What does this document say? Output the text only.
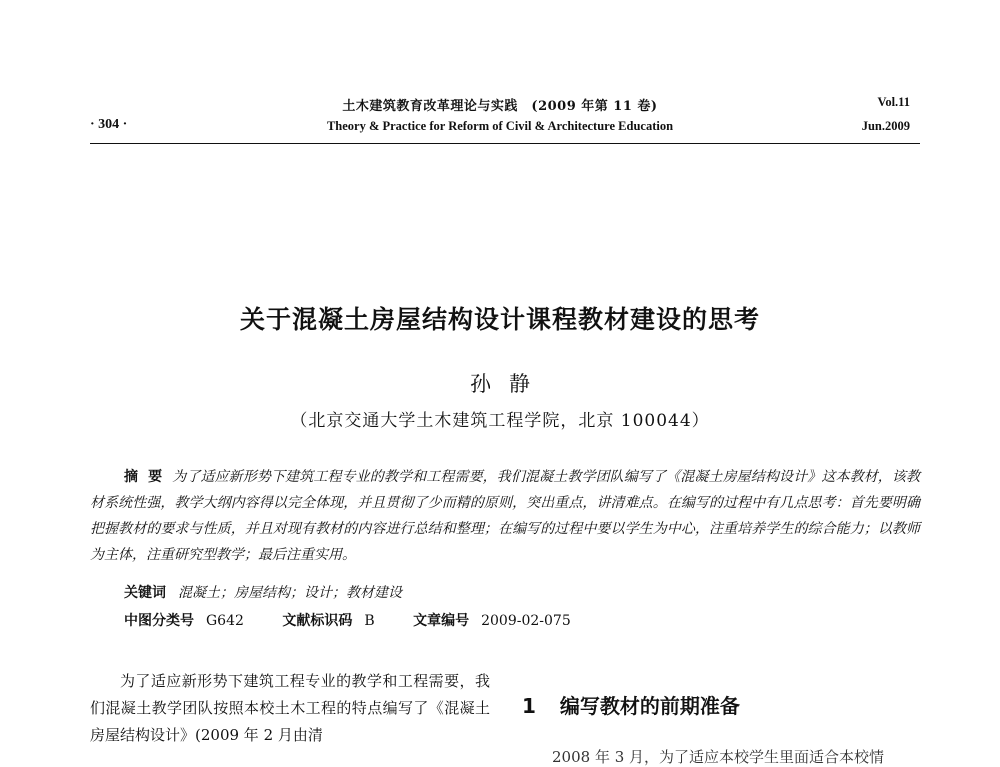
土木建筑教育改革理论与实践　(2009 年第 11 卷)
Theory & Practice for Reform of Civil & Architecture Education
· 304 ·
Vol.11
Jun.2009
关于混凝土房屋结构设计课程教材建设的思考
孙静
（北京交通大学土木建筑工程学院，北京 100044）
摘要为了适应新形势下建筑工程专业的教学和工程需要，我们混凝土教学团队编写了《混凝土房屋结构设计》这本教材，该教材系统性强，教学大纲内容得以完全体现，并且贯彻了少而精的原则，突出重点，讲清难点。在编写的过程中有几点思考：首先要明确把握教材的要求与性质，并且对现有教材的内容进行总结和整理；在编写的过程中要以学生为中心，注重培养学生的综合能力；以教师为主体，注重研究型教学；最后注重实用。
关键词 混凝土；房屋结构；设计；教材建设
中图分类号 G642	文献标识码 B	文章编号 2009-02-075
为了适应新形势下建筑工程专业的教学和工程需要，我们混凝土教学团队按照本校土木工程的特点编写了《混凝土房屋结构设计》(2009 年 2 月由清
1 编写教材的前期准备
2008 年 3 月，为了适应本校学生里面适合本校情
